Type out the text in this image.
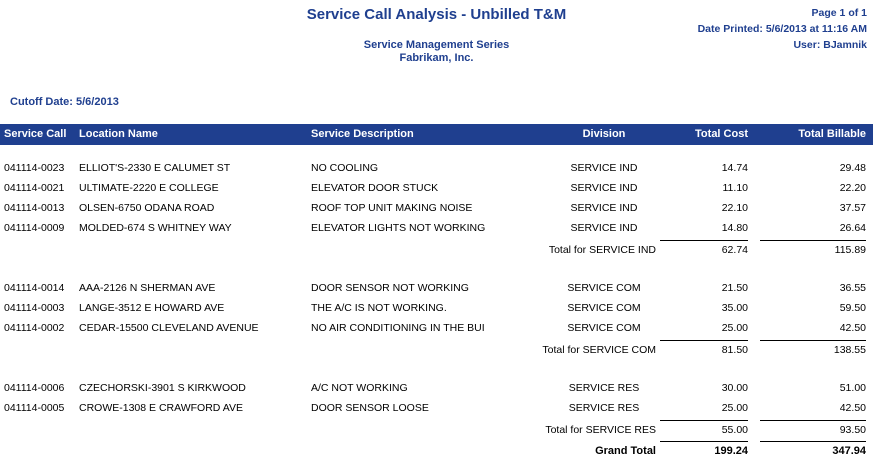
Service Call Analysis - Unbilled T&M
Service Management Series
Fabrikam, Inc.
Page 1 of 1
Date Printed: 5/6/2013 at 11:16 AM
User: BJamnik
Cutoff Date: 5/6/2013
Service Call Location Name	Service Description	Division	Total Cost	Total Billable
041114-0023 ELLIOT'S-2330 E CALUMET ST	NO COOLING	SERVICE IND	14.74	29.48
041114-0021 ULTIMATE-2220 E COLLEGE	ELEVATOR DOOR STUCK	SERVICE IND	11.10	22.20
041114-0013 OLSEN-6750 ODANA ROAD	ROOF TOP UNIT MAKING NOISE	SERVICE IND	22.10	37.57
041114-0009 MOLDED-674 S WHITNEY WAY	ELEVATOR LIGHTS NOT WORKING	SERVICE IND	14.80	26.64
Total for SERVICE IND	62.74	115.89
041114-0014 AAA-2126 N SHERMAN AVE	DOOR SENSOR NOT WORKING	SERVICE COM	21.50	36.55
041114-0003 LANGE-3512 E HOWARD AVE	THE A/C IS NOT WORKING.	SERVICE COM	35.00	59.50
041114-0002 CEDAR-15500 CLEVELAND AVENUE	NO AIR CONDITIONING IN THE BUI	SERVICE COM	25.00	42.50
Total for SERVICE COM	81.50	138.55
041114-0006 CZECHORSKI-3901 S KIRKWOOD	A/C NOT WORKING	SERVICE RES	30.00	51.00
041114-0005 CROWE-1308 E CRAWFORD AVE	DOOR SENSOR LOOSE	SERVICE RES	25.00	42.50
Total for SERVICE RES	55.00	93.50
Grand Total	199.24	347.94
